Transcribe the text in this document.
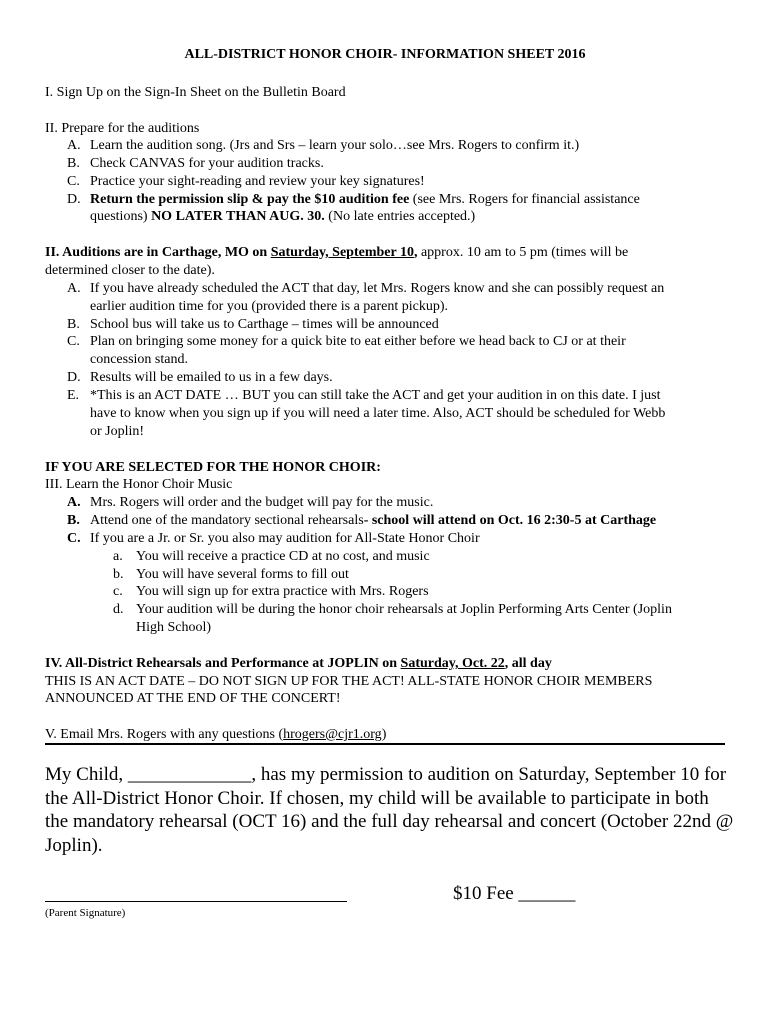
ALL-DISTRICT HONOR CHOIR- INFORMATION SHEET 2016
I. Sign Up on the Sign-In Sheet on the Bulletin Board
II. Prepare for the auditions
A. Learn the audition song. (Jrs and Srs – learn your solo…see Mrs. Rogers to confirm it.)
B. Check CANVAS for your audition tracks.
C. Practice your sight-reading and review your key signatures!
D. Return the permission slip & pay the $10 audition fee (see Mrs. Rogers for financial assistance
questions) NO LATER THAN AUG. 30. (No late entries accepted.)
II. Auditions are in Carthage, MO on Saturday, September 10, approx. 10 am to 5 pm (times will be
determined closer to the date).
A. If you have already scheduled the ACT that day, let Mrs. Rogers know and she can possibly request an
earlier audition time for you (provided there is a parent pickup).
B. School bus will take us to Carthage – times will be announced
C. Plan on bringing some money for a quick bite to eat either before we head back to CJ or at their
concession stand.
D. Results will be emailed to us in a few days.
E. *This is an ACT DATE … BUT you can still take the ACT and get your audition in on this date. I just
have to know when you sign up if you will need a later time. Also, ACT should be scheduled for Webb
or Joplin!
IF YOU ARE SELECTED FOR THE HONOR CHOIR:
III. Learn the Honor Choir Music
A. Mrs. Rogers will order and the budget will pay for the music.
B. Attend one of the mandatory sectional rehearsals- school will attend on Oct. 16 2:30-5 at Carthage
C. If you are a Jr. or Sr. you also may audition for All-State Honor Choir
a. You will receive a practice CD at no cost, and music
b. You will have several forms to fill out
c. You will sign up for extra practice with Mrs. Rogers
d. Your audition will be during the honor choir rehearsals at Joplin Performing Arts Center (Joplin
High School)
IV. All-District Rehearsals and Performance at JOPLIN on Saturday, Oct. 22, all day
THIS IS AN ACT DATE – DO NOT SIGN UP FOR THE ACT! ALL-STATE HONOR CHOIR MEMBERS
ANNOUNCED AT THE END OF THE CONCERT!
V. Email Mrs. Rogers with any questions (hrogers@cjr1.org)
My Child, _____________, has my permission to audition on Saturday, September 10 for the All-District Honor Choir. If chosen, my child will be available to participate in both the mandatory rehearsal (OCT 16) and the full day rehearsal and concert (October 22nd @ Joplin).
(Parent Signature)
$10 Fee ______
